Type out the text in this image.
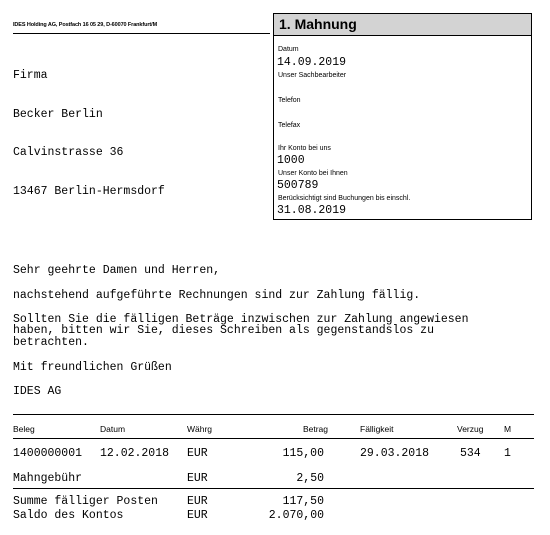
IDES Holding AG, Postfach 16 05 29, D-60070 Frankfurt/M

Firma

Becker Berlin

Calvinstrasse 36

13467 Berlin-Hermsdorf

1. Mahnung
Datum
14.09.2019
Unser Sachbearbeiter
Telefon
Telefax
Ihr Konto bei uns
1000
Unser Konto bei Ihnen
500789
Berücksichtigt sind Buchungen bis einschl.
31.08.2019
Sehr geehrte Damen und Herren,
nachstehend aufgeführte Rechnungen sind zur Zahlung fällig.
Sollten Sie die fälligen Beträge inzwischen zur Zahlung angewiesen
haben, bitten wir Sie, dieses Schreiben als gegenstandslos zu
betrachten.
Mit freundlichen Grüßen
IDES AG
Beleg	Datum	Währg	Betrag	Fälligkeit	Verzug M
1400000001 12.02.2018 EUR	115,00	29.03.2018	534 1
Mahngebühr	EUR	2,50
Summe fälliger Posten	EUR	117,50
Saldo des Kontos	EUR	2.070,00
